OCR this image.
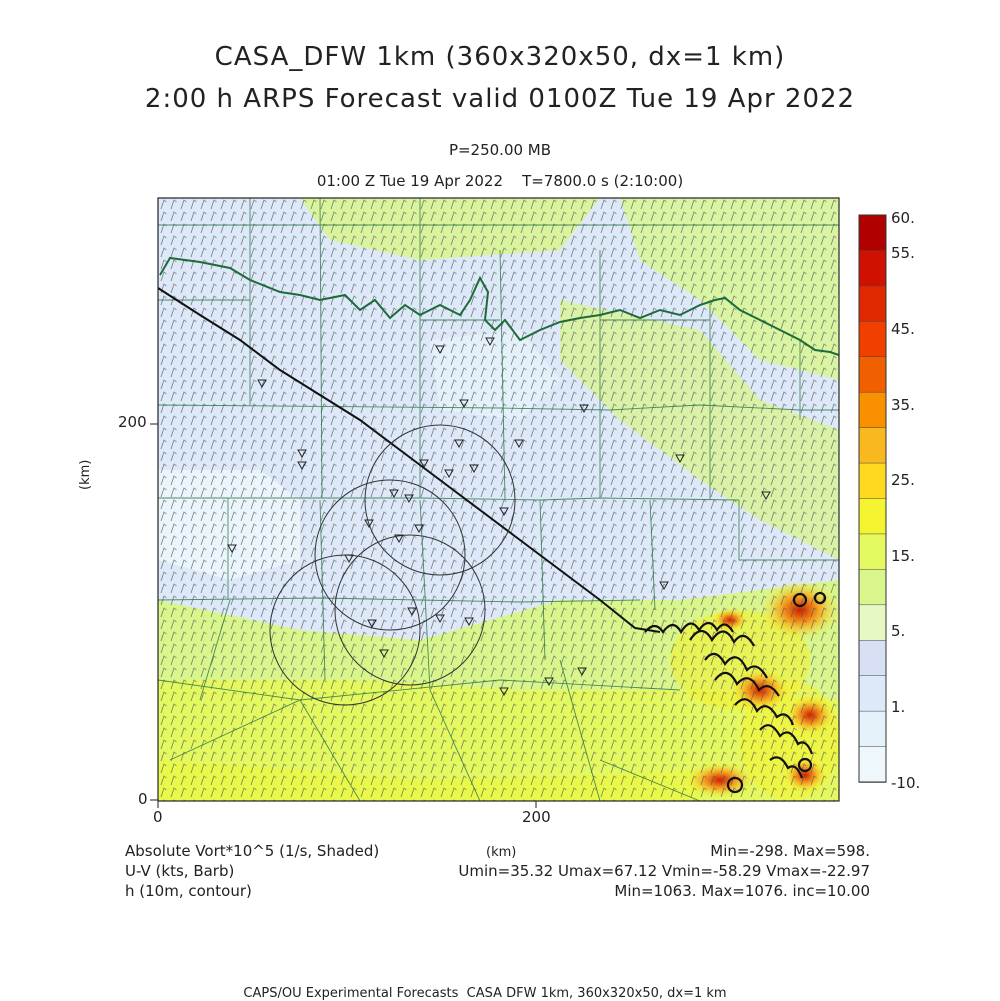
CASA_DFW 1km (360x320x50, dx=1 km)
2:00 h ARPS Forecast valid 0100Z Tue 19 Apr 2022
P=250.00 MB
01:00 Z Tue 19 Apr 2022    T=7800.0 s (2:10:00)
200
0
(km)
0	200
(km)
60.
55.
45.
35.
25.
15.
5.
1.
-10.
Absolute Vort*10^5 (1/s, Shaded)
U-V (kts, Barb)
h (10m, contour)
Min=-298. Max=598.
Umin=35.32 Umax=67.12 Vmin=-58.29 Vmax=-22.97
Min=1063. Max=1076. inc=10.00
CAPS/OU Experimental Forecasts  CASA DFW 1km, 360x320x50, dx=1 km
